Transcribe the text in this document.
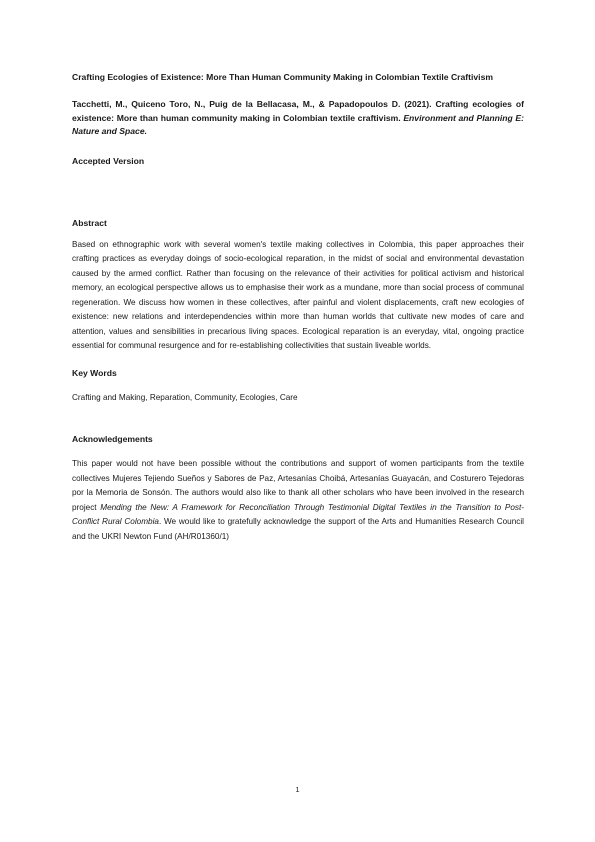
Crafting Ecologies of Existence: More Than Human Community Making in Colombian Textile Craftivism

Tacchetti, M., Quiceno Toro, N., Puig de la Bellacasa, M., & Papadopoulos D. (2021). Crafting ecologies of existence: More than human community making in Colombian textile craftivism. Environment and Planning E: Nature and Space.

Accepted Version

Abstract

Based on ethnographic work with several women's textile making collectives in Colombia, this paper approaches their crafting practices as everyday doings of socio-ecological reparation, in the midst of social and environmental devastation caused by the armed conflict. Rather than focusing on the relevance of their activities for political activism and historical memory, an ecological perspective allows us to emphasise their work as a mundane, more than social process of communal regeneration. We discuss how women in these collectives, after painful and violent displacements, craft new ecologies of existence: new relations and interdependencies within more than human worlds that cultivate new modes of care and attention, values and sensibilities in precarious living spaces. Ecological reparation is an everyday, vital, ongoing practice essential for communal resurgence and for re-establishing collectivities that sustain liveable worlds.

Key Words

Crafting and Making, Reparation, Community, Ecologies, Care

Acknowledgements

This paper would not have been possible without the contributions and support of women participants from the textile collectives Mujeres Tejiendo Sueños y Sabores de Paz, Artesanías Choibá, Artesanías Guayacán, and Costurero Tejedoras por la Memoria de Sonsón. The authors would also like to thank all other scholars who have been involved in the research project Mending the New: A Framework for Reconciliation Through Testimonial Digital Textiles in the Transition to Post-Conflict Rural Colombia. We would like to gratefully acknowledge the support of the Arts and Humanities Research Council and the UKRI Newton Fund (AH/R01360/1)

1
